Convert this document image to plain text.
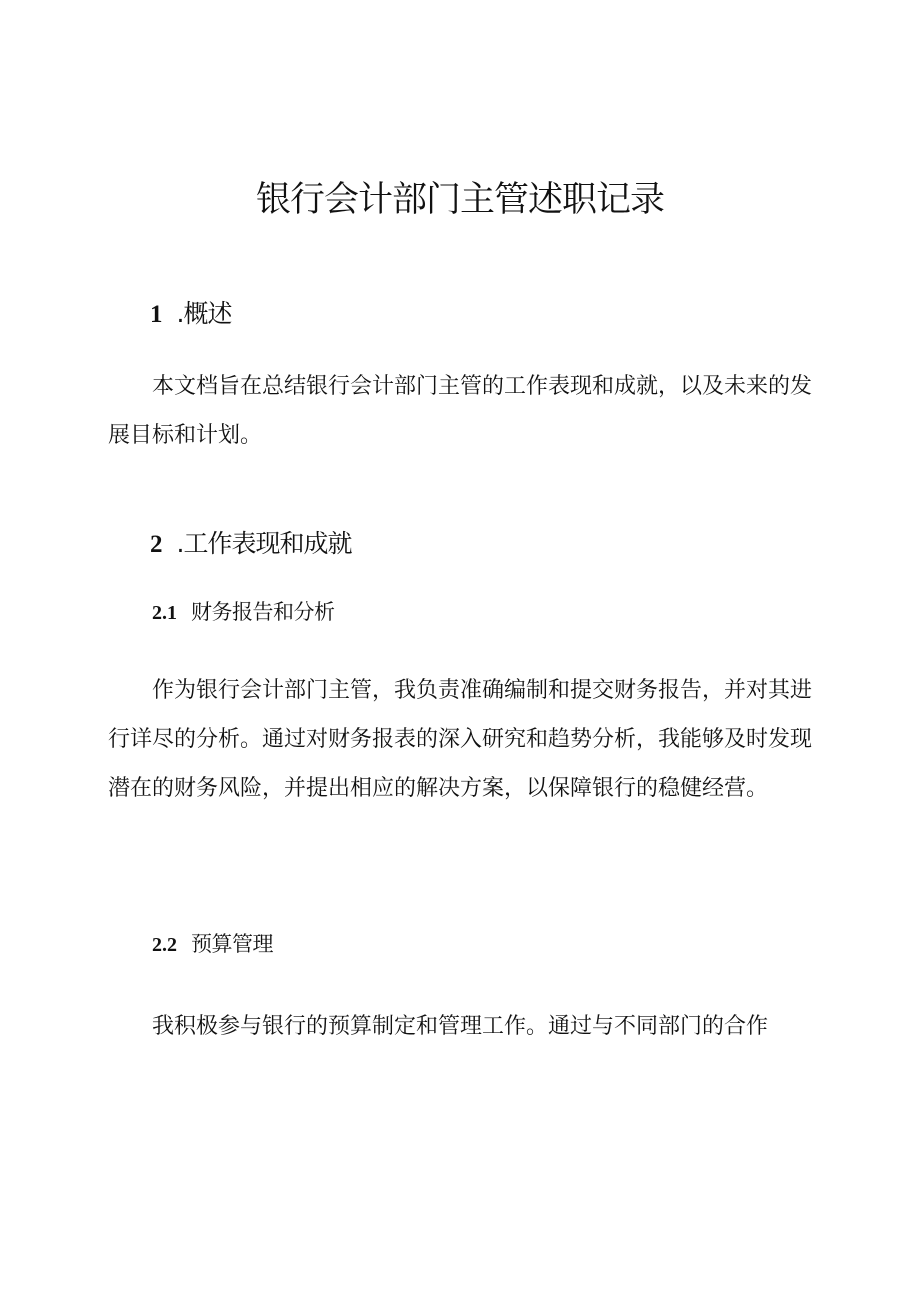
银行会计部门主管述职记录
1 .概述

本文档旨在总结银行会计部门主管的工作表现和成就，以及未来的发展目标和计划。

2 .工作表现和成就
2.1 财务报告和分析

作为银行会计部门主管，我负责准确编制和提交财务报告，并对其进行详尽的分析。通过对财务报表的深入研究和趋势分析，我能够及时发现潜在的财务风险，并提出相应的解决方案，以保障银行的稳健经营。

2.2 预算管理

我积极参与银行的预算制定和管理工作。通过与不同部门的合作
